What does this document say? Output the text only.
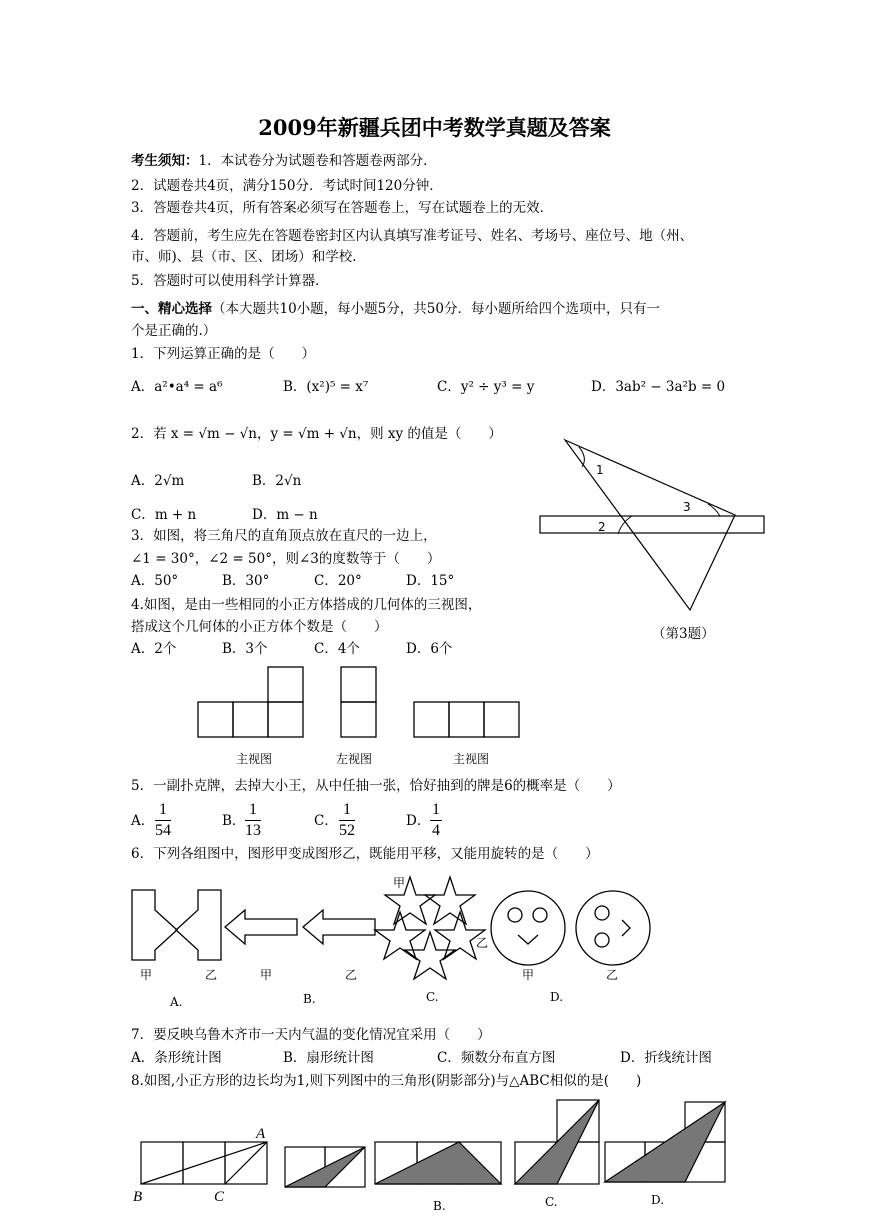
2009年新疆兵团中考数学真题及答案
考生须知：1．本试卷分为试题卷和答题卷两部分．
2．试题卷共4页，满分150分．考试时间120分钟．
3．答题卷共4页，所有答案必须写在答题卷上，写在试题卷上的无效．
4．答题前，考生应先在答题卷密封区内认真填写准考证号、姓名、考场号、座位号、地（州、
市、师)、县（市、区、团场）和学校．
5．答题时可以使用科学计算器．
一、精心选择（本大题共10小题，每小题5分，共50分．每小题所给四个选项中，只有一
个是正确的.）
1．下列运算正确的是（　　）
A．a²•a⁴ = a⁶	B．(x²)⁵ = x⁷	C．y² ÷ y³ = y	D．3ab² − 3a²b = 0
2．若 x = √m − √n，y = √m + √n，则 xy 的值是（　　）
A．2√m	B．2√n
C．m + n	D．m − n
3．如图，将三角尺的直角顶点放在直尺的一边上，
∠1 = 30°，∠2 = 50°，则∠3的度数等于（　　）
A．50°	B．30°	C．20°	D．15°
1
2
3
（第3题）
4.如图，是由一些相同的小正方体搭成的几何体的三视图，
搭成这个几何体的小正方体个数是（　　）
A．2个	B．3个	C．4个	D．6个
主视图	左视图	主视图
5．一副扑克牌，去掉大小王，从中任抽一张，恰好抽到的牌是6的概率是（　　）
A． $\frac{1}{54}$	B． $\frac{1}{13}$	C． $\frac{1}{52}$	D． $\frac{1}{4}$
6．下列各组图中，图形甲变成图形乙，既能用平移，又能用旋转的是（　　）
甲	乙	甲	乙
甲
乙
甲	乙
A.	B.	C.	D.
7．要反映乌鲁木齐市一天内气温的变化情况宜采用（　　）
A．条形统计图	B．扇形统计图	C．频数分布直方图	D．折线统计图
8.如图,小正方形的边长均为1,则下列图中的三角形(阴影部分)与△ABC相似的是(　　)
A
B	C
B.	C.	D.
